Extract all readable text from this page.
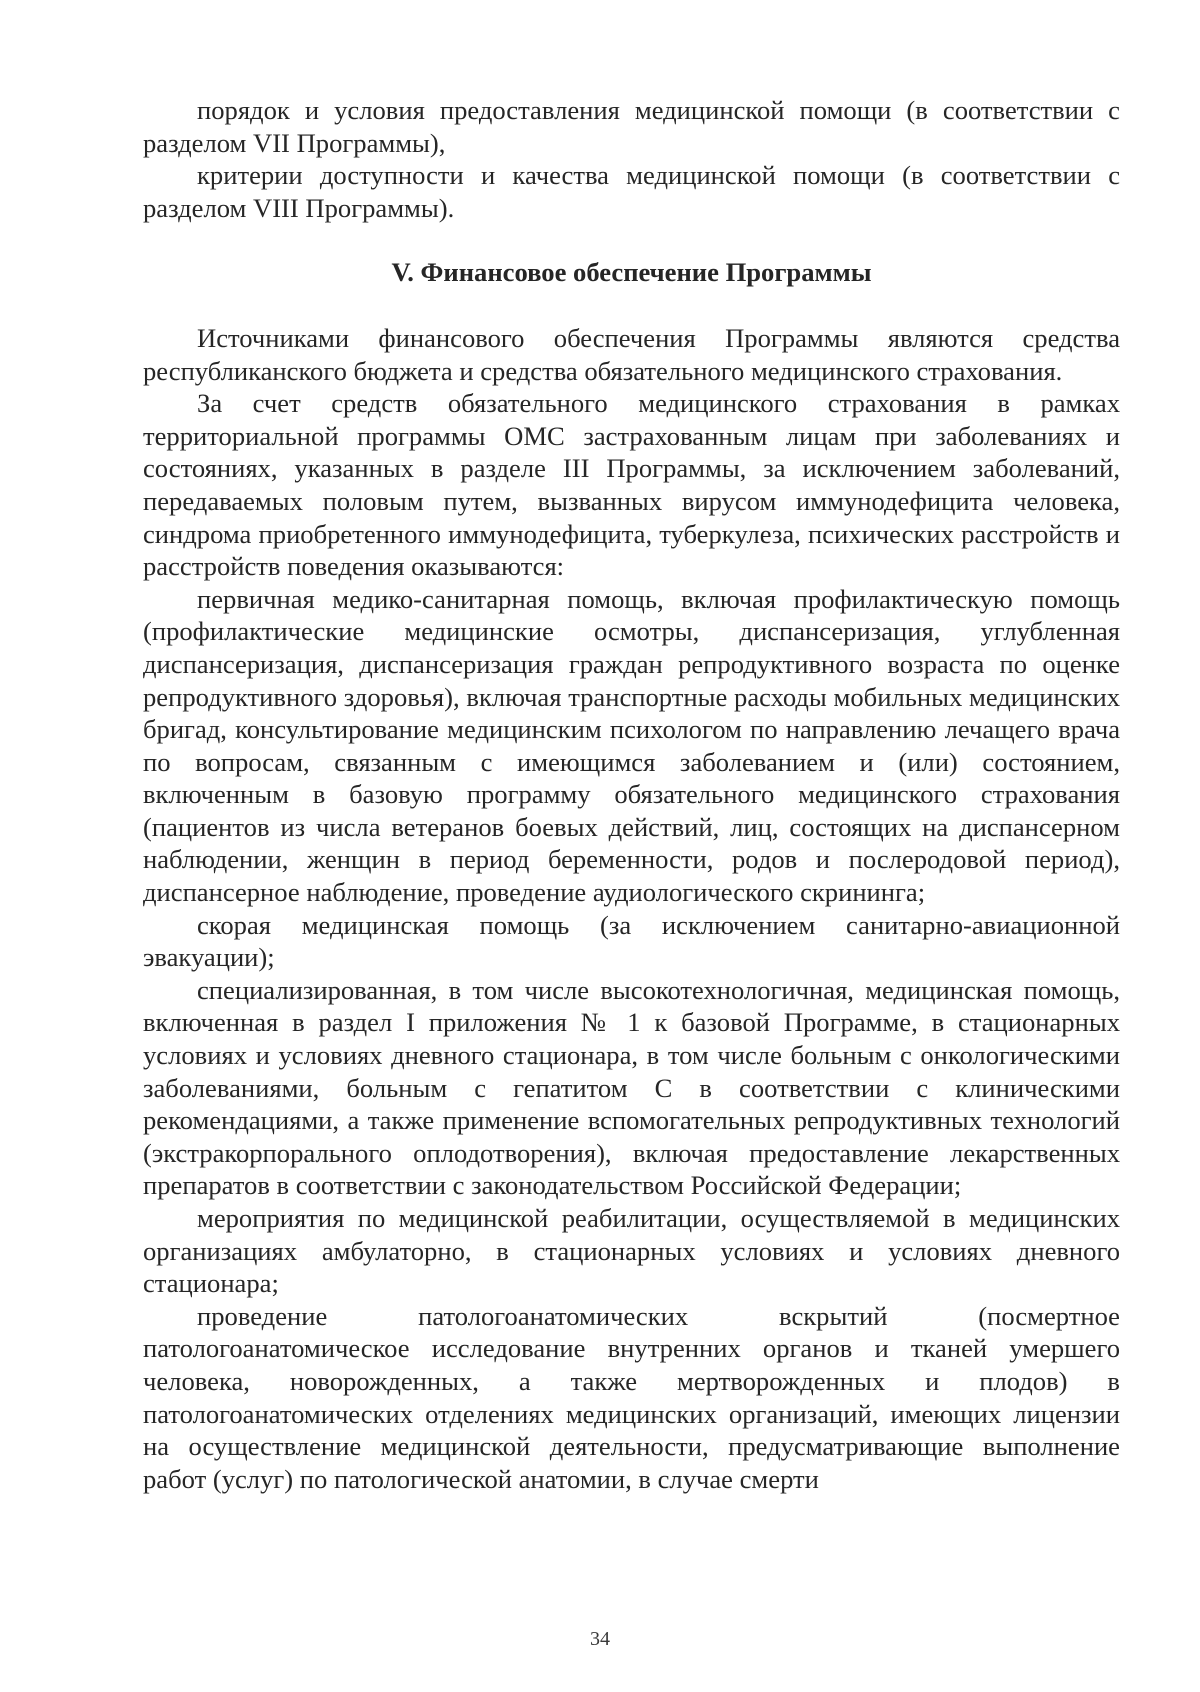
порядок и условия предоставления медицинской помощи (в соответствии с разделом VII Программы),

критерии доступности и качества медицинской помощи (в соответствии с разделом VIII Программы).

V. Финансовое обеспечение Программы

Источниками финансового обеспечения Программы являются средства республиканского бюджета и средства обязательного медицинского страхования.

За счет средств обязательного медицинского страхования в рамках территориальной программы ОМС застрахованным лицам при заболеваниях и состояниях, указанных в разделе III Программы, за исключением заболеваний, передаваемых половым путем, вызванных вирусом иммунодефицита человека, синдрома приобретенного иммунодефицита, туберкулеза, психических расстройств и расстройств поведения оказываются:

первичная медико-санитарная помощь, включая профилактическую помощь (профилактические медицинские осмотры, диспансеризация, углубленная диспансеризация, диспансеризация граждан репродуктивного возраста по оценке репродуктивного здоровья), включая транспортные расходы мобильных медицинских бригад, консультирование медицинским психологом по направлению лечащего врача по вопросам, связанным с имеющимся заболеванием и (или) состоянием, включенным в базовую программу обязательного медицинского страхования (пациентов из числа ветеранов боевых действий, лиц, состоящих на диспансерном наблюдении, женщин в период беременности, родов и послеродовой период), диспансерное наблюдение, проведение аудиологического скрининга;

скорая медицинская помощь (за исключением санитарно-авиационной эвакуации);

специализированная, в том числе высокотехнологичная, медицинская помощь, включенная в раздел I приложения № 1 к базовой Программе, в стационарных условиях и условиях дневного стационара, в том числе больным с онкологическими заболеваниями, больным с гепатитом С в соответствии с клиническими рекомендациями, а также применение вспомогательных репродуктивных технологий (экстракорпорального оплодотворения), включая предоставление лекарственных препаратов в соответствии с законодательством Российской Федерации;

мероприятия по медицинской реабилитации, осуществляемой в медицинских организациях амбулаторно, в стационарных условиях и условиях дневного стационара;

проведение патологоанатомических вскрытий (посмертное патологоанатомическое исследование внутренних органов и тканей умершего человека, новорожденных, а также мертворожденных и плодов) в патологоанатомических отделениях медицинских организаций, имеющих лицензии на осуществление медицинской деятельности, предусматривающие выполнение работ (услуг) по патологической анатомии, в случае смерти

34
